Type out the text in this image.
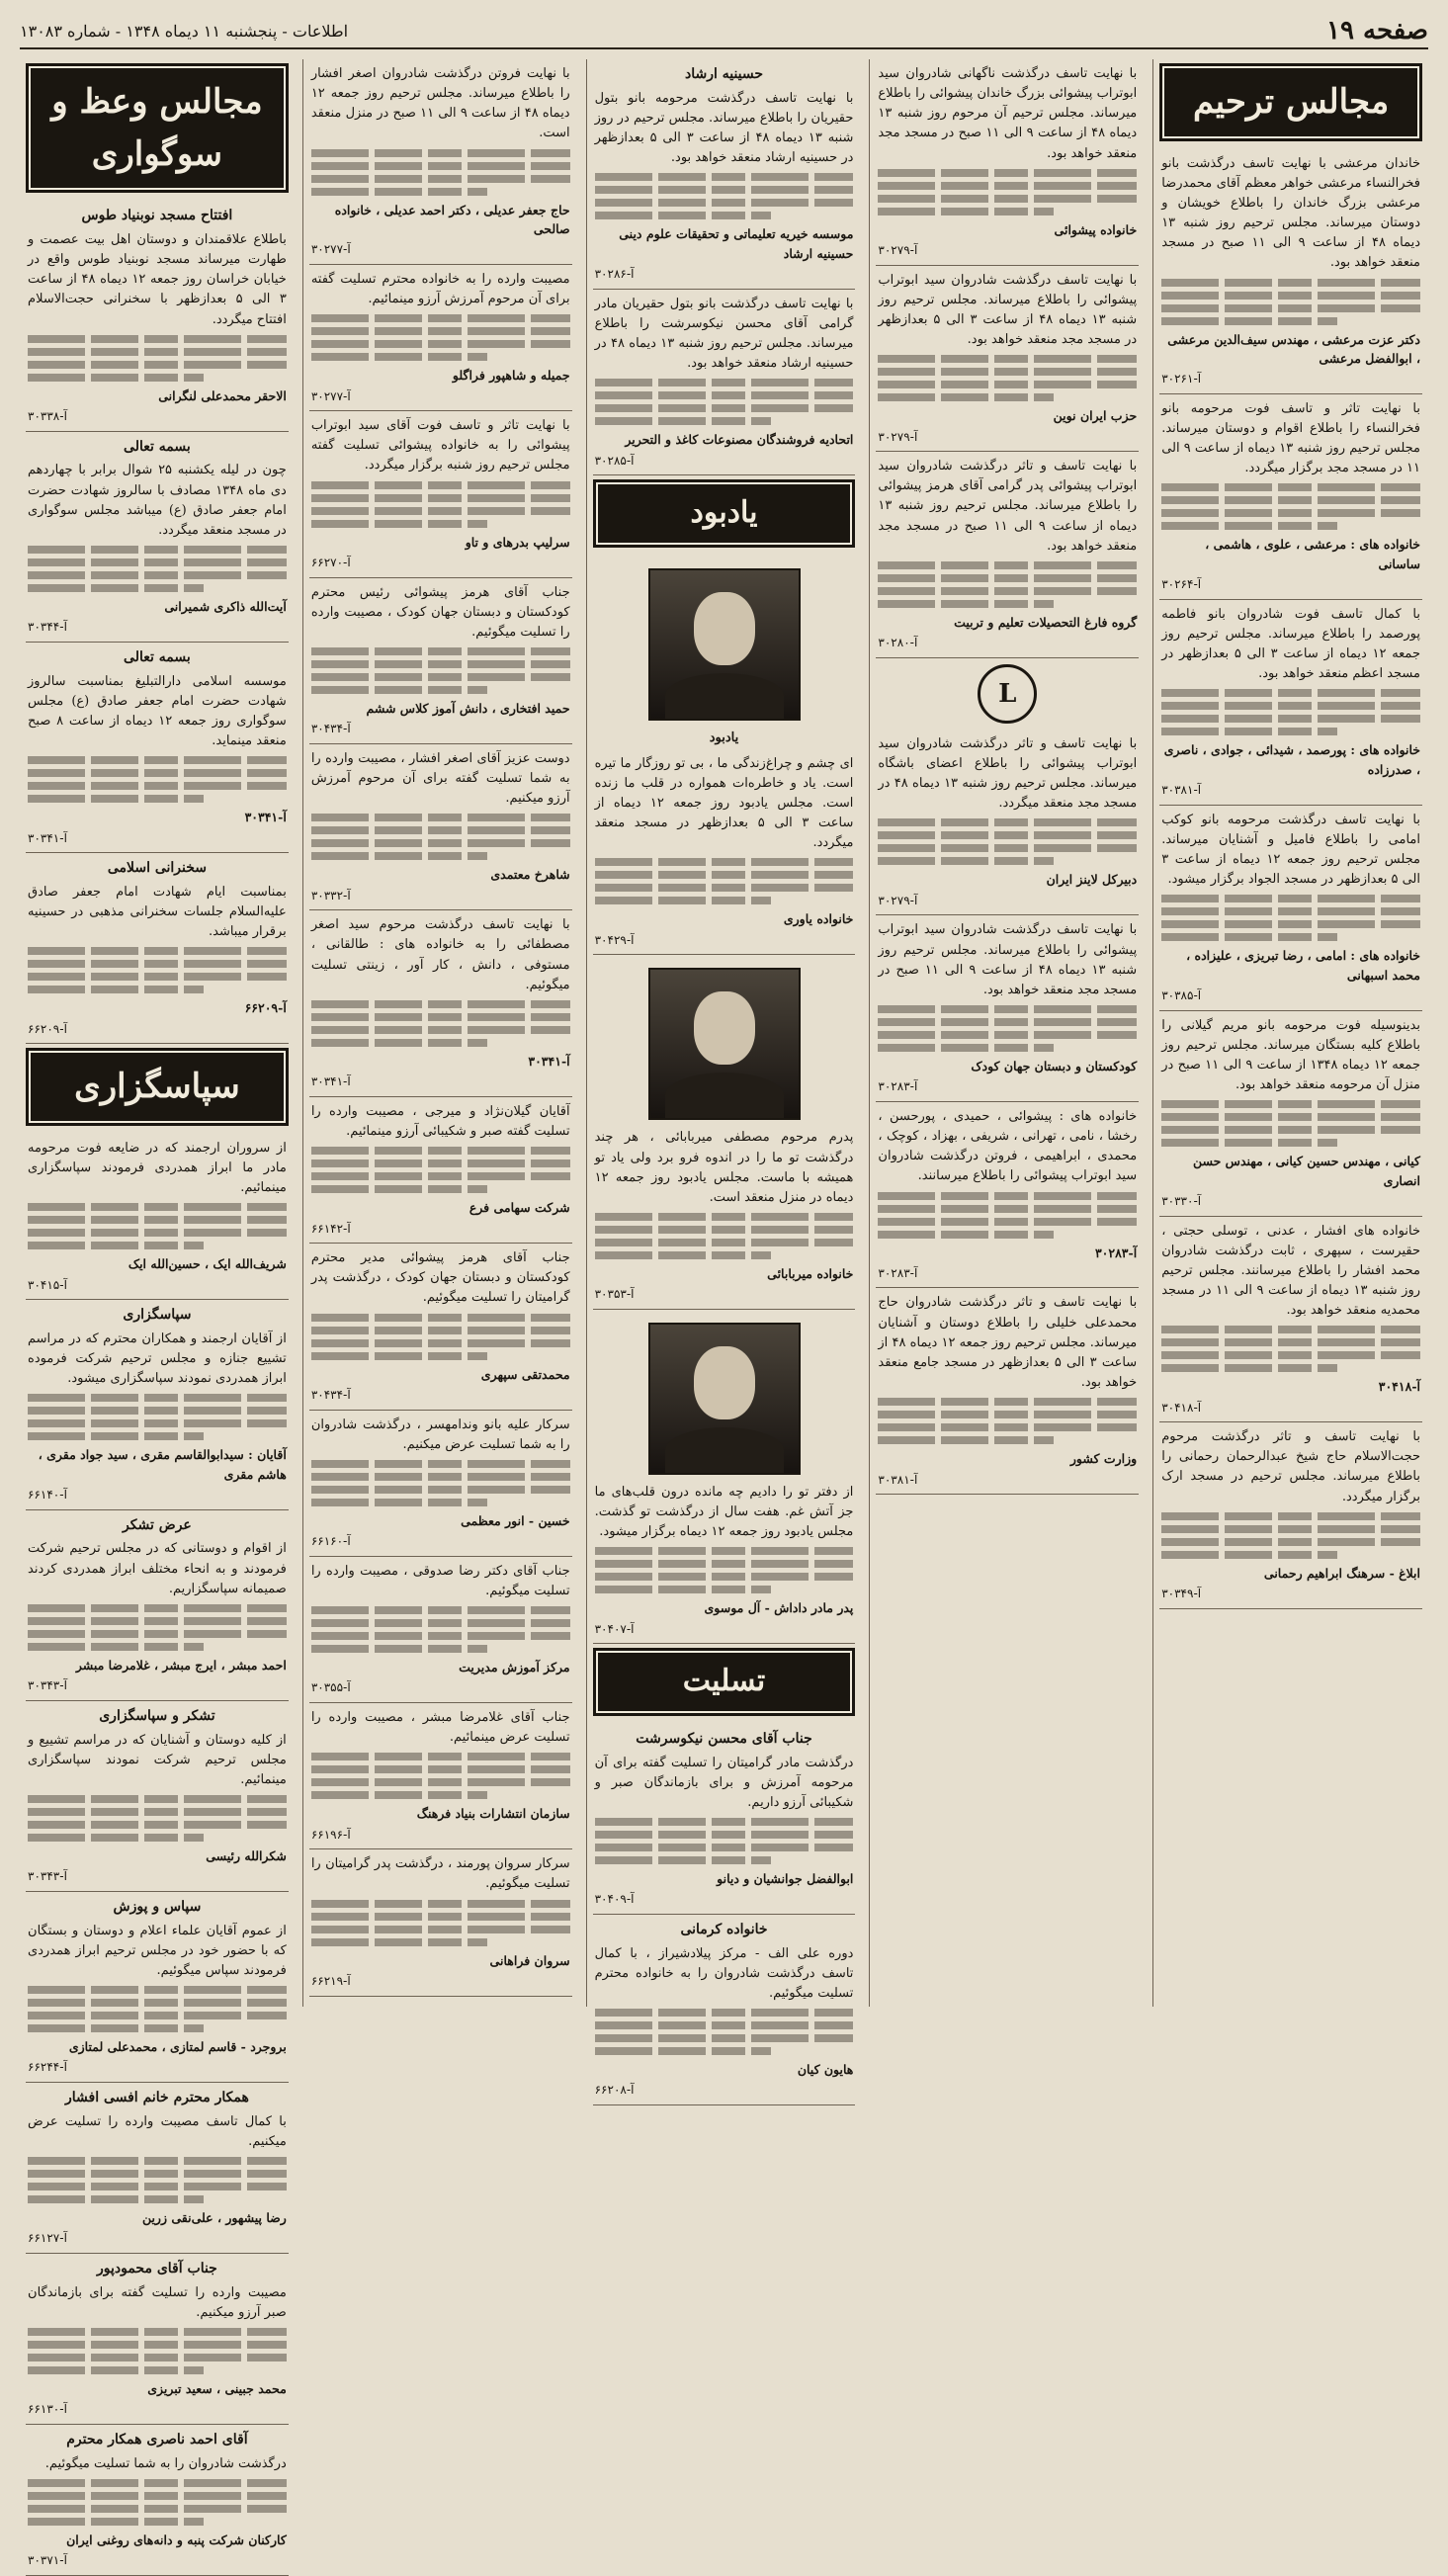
صفحه ۱۹
اطلاعات - پنجشنبه ۱۱ دیماه ۱۳۴۸ - شماره ۱۳۰۸۳
مجالس ترحیم

خاندان مرعشی با نهایت تاسف درگذشت بانو فخرالنساء مرعشی خواهر معظم آقای محمدرضا مرعشی بزرگ خاندان را باطلاع خویشان و دوستان میرساند. مجلس ترحیم روز شنبه ۱۳ دیماه ۴۸ از ساعت ۹ الی ۱۱ صبح در مسجد منعقد خواهد بود.

دکتر عزت مرعشی ، مهندس سیف‌الدین مرعشی ، ابوالفضل مرعشی
آ-۳۰۲۶۱

با نهایت تاثر و تاسف فوت مرحومه بانو فخرالنساء را باطلاع اقوام و دوستان میرساند. مجلس ترحیم روز شنبه ۱۳ دیماه از ساعت ۹ الی ۱۱ در مسجد مجد برگزار میگردد.

خانواده های : مرعشی ، علوی ، هاشمی ، ساسانی
آ-۳۰۲۶۴

با کمال تاسف فوت شادروان بانو فاطمه پورصمد را باطلاع میرساند. مجلس ترحیم روز جمعه ۱۲ دیماه از ساعت ۳ الی ۵ بعدازظهر در مسجد اعظم منعقد خواهد بود.

خانواده های : پورصمد ، شیدائی ، جوادی ، ناصری ، صدرزاده
آ-۳۰۳۸۱

با نهایت تاسف درگذشت مرحومه بانو کوکب امامی را باطلاع فامیل و آشنایان میرساند. مجلس ترحیم روز جمعه ۱۲ دیماه از ساعت ۳ الی ۵ بعدازظهر در مسجد الجواد برگزار میشود.

خانواده های : امامی ، رضا تبریزی ، علیزاده ، محمد اسبهانی
آ-۳۰۳۸۵

بدینوسیله فوت مرحومه بانو مریم گیلانی را باطلاع کلیه بستگان میرساند. مجلس ترحیم روز جمعه ۱۲ دیماه ۱۳۴۸ از ساعت ۹ الی ۱۱ صبح در منزل آن مرحومه منعقد خواهد بود.

کیانی ، مهندس حسین کیانی ، مهندس حسن انصاری
آ-۳۰۳۳۰

خانواده های افشار ، عدنی ، توسلی حجتی ، حقیرست ، سپهری ، ثابت درگذشت شادروان محمد افشار را باطلاع میرسانند. مجلس ترحیم روز شنبه ۱۳ دیماه از ساعت ۹ الی ۱۱ در مسجد محمدیه منعقد خواهد بود.

آ-۳۰۴۱۸
آ-۳۰۴۱۸

با نهایت تاسف و تاثر درگذشت مرحوم حجت‌الاسلام حاج شیخ عبدالرحمان رحمانی را باطلاع میرساند. مجلس ترحیم در مسجد ارک برگزار میگردد.

ابلاغ - سرهنگ ابراهیم رحمانی
آ-۳۰۳۴۹

با نهایت تاسف درگذشت ناگهانی شادروان سید ابوتراب پیشوائی بزرگ خاندان پیشوائی را باطلاع میرساند. مجلس ترحیم آن مرحوم روز شنبه ۱۳ دیماه ۴۸ از ساعت ۹ الی ۱۱ صبح در مسجد مجد منعقد خواهد بود.

خانواده پیشوائی
آ-۳۰۲۷۹

با نهایت تاسف درگذشت شادروان سید ابوتراب پیشوائی را باطلاع میرساند. مجلس ترحیم روز شنبه ۱۳ دیماه ۴۸ از ساعت ۳ الی ۵ بعدازظهر در مسجد مجد منعقد خواهد بود.

حزب ایران نوین
آ-۳۰۲۷۹

با نهایت تاسف و تاثر درگذشت شادروان سید ابوتراب پیشوائی پدر گرامی آقای هرمز پیشوائی را باطلاع میرساند. مجلس ترحیم روز شنبه ۱۳ دیماه از ساعت ۹ الی ۱۱ صبح در مسجد مجد منعقد خواهد بود.

گروه فارغ التحصیلات تعلیم و تربیت
آ-۳۰۲۸۰
L

با نهایت تاسف و تاثر درگذشت شادروان سید ابوتراب پیشوائی را باطلاع اعضای باشگاه میرساند. مجلس ترحیم روز شنبه ۱۳ دیماه ۴۸ در مسجد مجد منعقد میگردد.

دبیرکل لاینز ایران
آ-۳۰۲۷۹

با نهایت تاسف درگذشت شادروان سید ابوتراب پیشوائی را باطلاع میرساند. مجلس ترحیم روز شنبه ۱۳ دیماه ۴۸ از ساعت ۹ الی ۱۱ صبح در مسجد مجد منعقد خواهد بود.

کودکستان و دبستان جهان کودک
آ-۳۰۲۸۳

خانواده های : پیشوائی ، حمیدی ، پورحسن ، رخشا ، نامی ، تهرانی ، شریفی ، بهزاد ، کوچک ، محمدی ، ابراهیمی ، فروتن درگذشت شادروان سید ابوتراب پیشوائی را باطلاع میرسانند.

آ-۳۰۲۸۳
آ-۳۰۲۸۳

با نهایت تاسف و تاثر درگذشت شادروان حاج محمدعلی خلیلی را باطلاع دوستان و آشنایان میرساند. مجلس ترحیم روز جمعه ۱۲ دیماه ۴۸ از ساعت ۳ الی ۵ بعدازظهر در مسجد جامع منعقد خواهد بود.

وزارت کشور
آ-۳۰۳۸۱
حسینیه ارشاد

با نهایت تاسف درگذشت مرحومه بانو بتول حقیریان را باطلاع میرساند. مجلس ترحیم در روز شنبه ۱۳ دیماه ۴۸ از ساعت ۳ الی ۵ بعدازظهر در حسینیه ارشاد منعقد خواهد بود.

موسسه خیریه تعلیماتی و تحقیقات علوم دینی حسینیه ارشاد
آ-۳۰۲۸۶

با نهایت تاسف درگذشت بانو بتول حقیریان مادر گرامی آقای محسن نیکوسرشت را باطلاع میرساند. مجلس ترحیم روز شنبه ۱۳ دیماه ۴۸ در حسینیه ارشاد منعقد خواهد بود.

اتحادیه فروشندگان مصنوعات کاغذ و التحریر
آ-۳۰۲۸۵
یادبود
یادبود

ای چشم و چراغ‌زندگی ما ، بی تو روزگار ما تیره است. یاد و خاطره‌ات همواره در قلب ما زنده است. مجلس یادبود روز جمعه ۱۲ دیماه از ساعت ۳ الی ۵ بعدازظهر در مسجد منعقد میگردد.

خانواده یاوری
آ-۳۰۴۲۹

پدرم مرحوم مصطفی میربابائی ، هر چند درگذشت تو ما را در اندوه فرو برد ولی یاد تو همیشه با ماست. مجلس یادبود روز جمعه ۱۲ دیماه در منزل منعقد است.

خانواده میربابائی
آ-۳۰۳۵۳

از دفتر تو را دادیم چه مانده درون قلب‌های ما جز آتش غم. هفت سال از درگذشت تو گذشت. مجلس یادبود روز جمعه ۱۲ دیماه برگزار میشود.

پدر مادر داداش - آل موسوی
آ-۳۰۴۰۷
تسلیت
جناب آقای محسن نیکوسرشت

درگذشت مادر گرامیتان را تسلیت گفته برای آن مرحومه آمرزش و برای بازماندگان صبر و شکیبائی آرزو داریم.

ابوالفضل جوانشیان و دیانو
آ-۳۰۴۰۹
خانواده کرمانی

دوره علی الف - مرکز پیلادشیراز ، با کمال تاسف درگذشت شادروان را به خانواده محترم تسلیت میگوئیم.

هایون کیان
آ-۶۶۲۰۸

با نهایت فروتن درگذشت شادروان اصغر افشار را باطلاع میرساند. مجلس ترحیم روز جمعه ۱۲ دیماه ۴۸ از ساعت ۹ الی ۱۱ صبح در منزل منعقد است.

حاج جعفر عدیلی ، دکتر احمد عدیلی ، خانواده صالحی
آ-۳۰۲۷۷

مصیبت وارده را به خانواده محترم تسلیت گفته برای آن مرحوم آمرزش آرزو مینمائیم.

جمیله و شاهپور فراگلو
آ-۳۰۲۷۷

با نهایت تاثر و تاسف فوت آقای سید ابوتراب پیشوائی را به خانواده پیشوائی تسلیت گفته مجلس ترحیم روز شنبه برگزار میگردد.

سرلیپ بدرهای و تاو
آ-۶۶۲۷۰

جناب آقای هرمز پیشوائی رئیس محترم کودکستان و دبستان جهان کودک ، مصیبت وارده را تسلیت میگوئیم.

حمید افتخاری ، دانش آموز کلاس ششم
آ-۳۰۴۳۴

دوست عزیز آقای اصغر افشار ، مصیبت وارده را به شما تسلیت گفته برای آن مرحوم آمرزش آرزو میکنیم.

شاهرخ معتمدی
آ-۳۰۳۳۲

با نهایت تاسف درگذشت مرحوم سید اصغر مصطفائی را به خانواده های : طالقانی ، مستوفی ، دانش ، کار آور ، زینتی تسلیت میگوئیم.

آ-۳۰۳۴۱
آ-۳۰۳۴۱

آقایان گیلان‌نژاد و میرجی ، مصیبت وارده را تسلیت گفته صبر و شکیبائی آرزو مینمائیم.

شرکت سهامی فرع
آ-۶۶۱۴۲

جناب آقای هرمز پیشوائی مدیر محترم کودکستان و دبستان جهان کودک ، درگذشت پدر گرامیتان را تسلیت میگوئیم.

محمدتقی سپهری
آ-۳۰۴۳۴

سرکار علیه بانو وندامهسر ، درگذشت شادروان را به شما تسلیت عرض میکنیم.

خسین - انور معظمی
آ-۶۶۱۶۰

جناب آقای دکتر رضا صدوقی ، مصیبت وارده را تسلیت میگوئیم.

مرکز آموزش مدیریت
آ-۳۰۳۵۵

جناب آقای غلامرضا مبشر ، مصیبت وارده را تسلیت عرض مینمائیم.

سازمان انتشارات بنیاد فرهنگ
آ-۶۶۱۹۶

سرکار سروان پورمند ، درگذشت پدر گرامیتان را تسلیت میگوئیم.

سروان فراهانی
آ-۶۶۲۱۹
مجالس وعظ و سوگواری
افتتاح مسجد نوبنیاد طوس

باطلاع علاقمندان و دوستان اهل بیت عصمت و طهارت میرساند مسجد نوبنیاد طوس واقع در خیابان خراسان روز جمعه ۱۲ دیماه ۴۸ از ساعت ۳ الی ۵ بعدازظهر با سخنرانی حجت‌الاسلام افتتاح میگردد.

الاحقر محمدعلی لنگرانی
آ-۳۰۳۳۸
بسمه تعالی

چون در لیله یکشنبه ۲۵ شوال برابر با چهاردهم دی ماه ۱۳۴۸ مصادف با سالروز شهادت حضرت امام جعفر صادق (ع) میباشد مجلس سوگواری در مسجد منعقد میگردد.

آیت‌الله ذاکری شمیرانی
آ-۳۰۳۴۴
بسمه تعالی

موسسه اسلامی دارالتبلیغ بمناسبت سالروز شهادت حضرت امام جعفر صادق (ع) مجلس سوگواری روز جمعه ۱۲ دیماه از ساعت ۸ صبح منعقد مینماید.

آ-۳۰۳۴۱
آ-۳۰۳۴۱
سخنرانی اسلامی

بمناسبت ایام شهادت امام جعفر صادق علیه‌السلام جلسات سخنرانی مذهبی در حسینیه برقرار میباشد.

آ-۶۶۲۰۹
آ-۶۶۲۰۹
سپاسگزاری

از سروران ارجمند که در ضایعه فوت مرحومه مادر ما ابراز همدردی فرمودند سپاسگزاری مینمائیم.

شریف‌الله ایک ، حسین‌الله ایک
آ-۳۰۴۱۵
سپاسگزاری

از آقایان ارجمند و همکاران محترم که در مراسم تشییع جنازه و مجلس ترحیم شرکت فرموده ابراز همدردی نمودند سپاسگزاری میشود.

آقایان : سیدابوالقاسم مقری ، سید جواد مقری ، هاشم مقری
آ-۶۶۱۴۰
عرض تشکر

از اقوام و دوستانی که در مجلس ترحیم شرکت فرمودند و به انحاء مختلف ابراز همدردی کردند صمیمانه سپاسگزاریم.

احمد مبشر ، ایرج مبشر ، غلامرضا مبشر
آ-۳۰۳۴۳
تشکر و سپاسگزاری

از کلیه دوستان و آشنایان که در مراسم تشییع و مجلس ترحیم شرکت نمودند سپاسگزاری مینمائیم.

شکرالله رئیسی
آ-۳۰۳۴۳
سپاس و پوزش

از عموم آقایان علماء اعلام و دوستان و بستگان که با حضور خود در مجلس ترحیم ابراز همدردی فرمودند سپاس میگوئیم.

بروجرد - قاسم لمتازی ، محمدعلی لمتازی
آ-۶۶۲۴۴
همکار محترم خانم افسی افشار

با کمال تاسف مصیبت وارده را تسلیت عرض میکنیم.

رضا پیشهور ، علی‌نقی زرین
آ-۶۶۱۲۷
جناب آقای محمودپور

مصیبت وارده را تسلیت گفته برای بازماندگان صبر آرزو میکنیم.

محمد جبینی ، سعید تبریزی
آ-۶۶۱۳۰
آقای احمد ناصری همکار محترم

درگذشت شادروان را به شما تسلیت میگوئیم.

کارکنان شرکت پنبه و دانه‌های روغنی ایران
آ-۳۰۳۷۱
